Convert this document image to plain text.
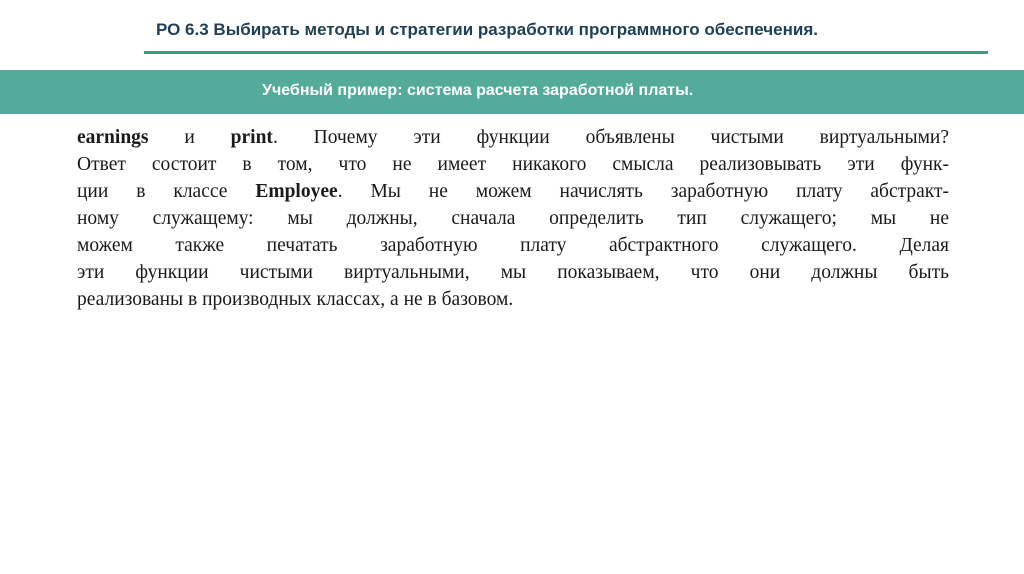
РО 6.3 Выбирать методы и стратегии разработки программного обеспечения.
Учебный пример: система расчета заработной платы.
earnings и print. Почему эти функции объявлены чистыми виртуальными?
Ответ состоит в том, что не имеет никакого смысла реализовывать эти функ-
ции в классе Employee. Мы не можем начислять заработную плату абстракт-
ному служащему: мы должны, сначала определить тип служащего; мы не
можем также печатать заработную плату абстрактного служащего. Делая
эти функции чистыми виртуальными, мы показываем, что они должны быть
реализованы в производных классах, а не в базовом.
